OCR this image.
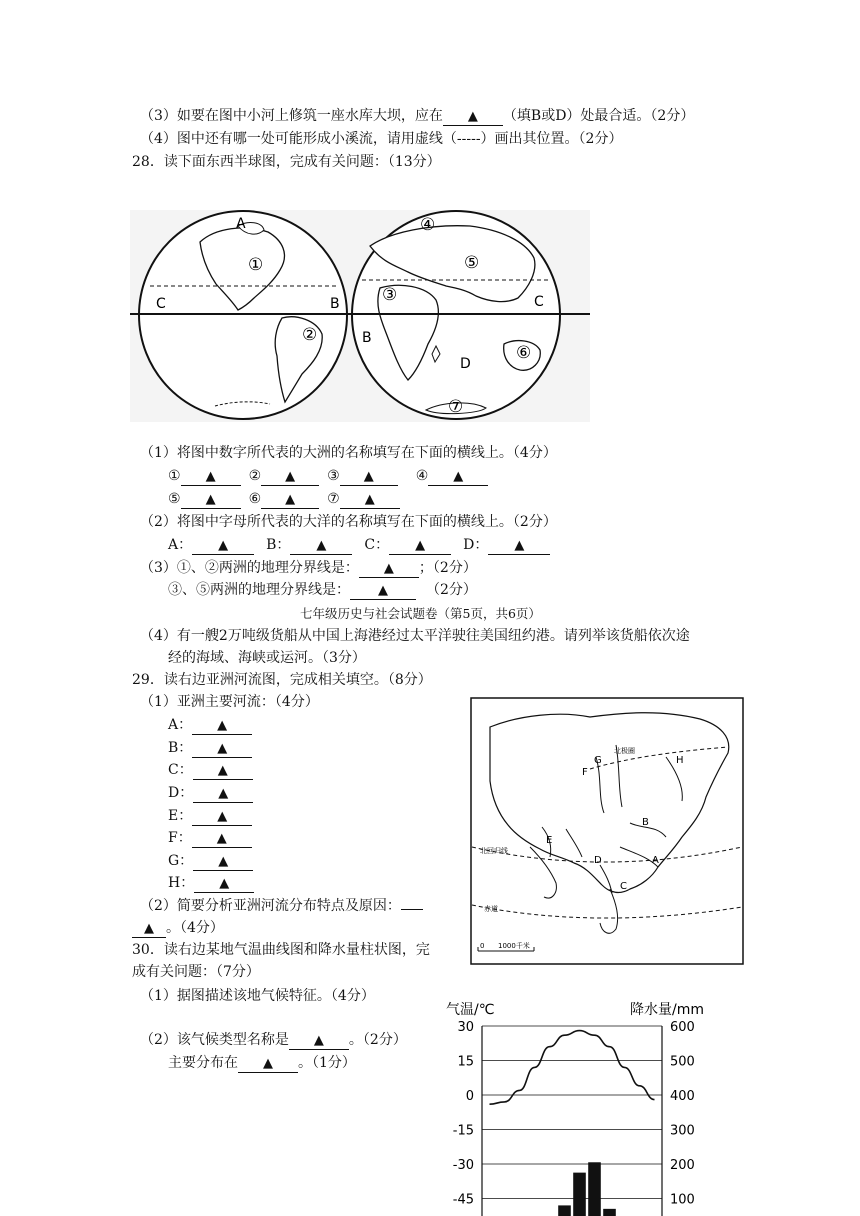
（3）如要在图中小河上修筑一座水库大坝，应在 ▲ （填B或D）处最合适。（2分）
（4）图中还有哪一处可能形成小溪流，请用虚线（-----）画出其位置。（2分）
28．读下面东西半球图，完成有关问题：（13分）
A
C	B
B
C
D
①
②
③
④
⑤
⑥
⑦
（1）将图中数字所代表的大洲的名称填写在下面的横线上。（4分）
① ▲ ② ▲ ③ ▲	④ ▲
⑤ ▲ ⑥ ▲ ⑦ ▲
（2）将图中字母所代表的大洋的名称填写在下面的横线上。（2分）
A： ▲	B： ▲	C： ▲	D： ▲
（3）①、②两洲的地理分界线是： ▲ ；（2分）
③、⑤两洲的地理分界线是： ▲	（2分）
七年级历史与社会试题卷（第5页，共6页）
（4）有一艘2万吨级货船从中国上海港经过太平洋驶往美国纽约港。请列举该货船依次途
经的海域、海峡或运河。（3分）
29．读右边亚洲河流图，完成相关填空。（8分）
（1）亚洲主要河流：（4分）
A： ▲
B： ▲
C： ▲
D： ▲
E： ▲
F： ▲
G： ▲
H： ▲
（2）简要分析亚洲河流分布特点及原因：
▲ 。（4分）
F
G	H
B
A
C
D
E
北极圈
北回归线
赤道
0 1000千米
30．读右边某地气温曲线图和降水量柱状图，完
成有关问题：（7分）
（1）据图描述该地气候特征。（4分）
（2）该气候类型名称是 ▲ 。（2分）
主要分布在 ▲ 。（1分）
气温/℃	降水量/mm
30
15
0
-15
-30
-45
600
500
400
300
200
100
